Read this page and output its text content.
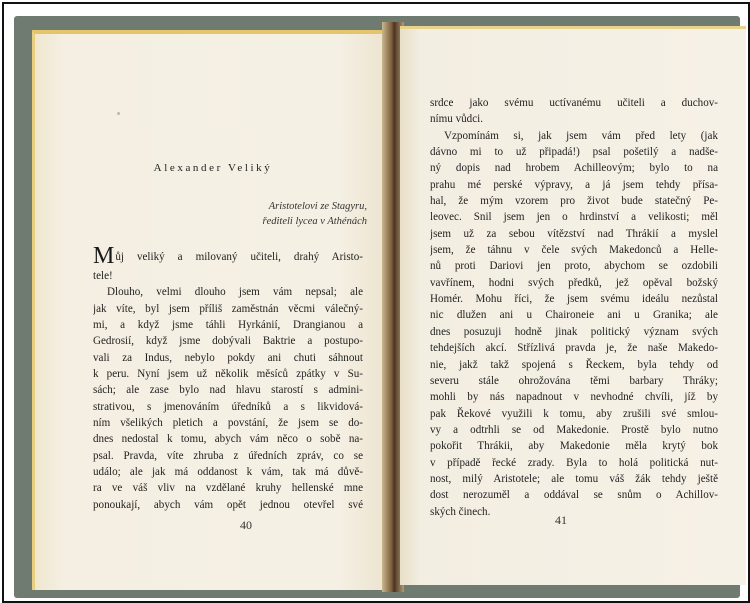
Alexander Veliký
Aristotelovi ze Stagyru,
řediteli lycea v Athénách
Můj veliký a milovaný učiteli, drahý Aristo-
tele!
Dlouho, velmi dlouho jsem vám nepsal; ale
jak víte, byl jsem příliš zaměstnán věcmi válečný-
mi, a když jsme táhli Hyrkánií, Drangianou a
Gedrosií, když jsme dobývali Baktrie a postupo-
vali za Indus, nebylo pokdy ani chuti sáhnout
k peru. Nyní jsem už několik měsíců zpátky v Su-
sách; ale zase bylo nad hlavu starostí s admini-
strativou, s jmenováním úředníků a s likvidová-
ním všelikých pletich a povstání, že jsem se do-
dnes nedostal k tomu, abych vám něco o sobě na-
psal. Pravda, víte zhruba z úředních zpráv, co se
událo; ale jak má oddanost k vám, tak má důvě-
ra ve váš vliv na vzdělané kruhy hellenské mne
ponoukají, abych vám opět jednou otevřel své
40
srdce jako svému uctívanému učiteli a duchov-
nímu vůdci.
Vzpomínám si, jak jsem vám před lety (jak
dávno mi to už připadá!) psal pošetilý a nadše-
ný dopis nad hrobem Achilleovým; bylo to na
prahu mé perské výpravy, a já jsem tehdy přísa-
hal, že mým vzorem pro život bude statečný Pe-
leovec. Snil jsem jen o hrdinství a velikosti; měl
jsem už za sebou vítězství nad Thrákií a myslel
jsem, že táhnu v čele svých Makedonců a Helle-
nů proti Dariovi jen proto, abychom se ozdobili
vavřínem, hodni svých předků, jež opěval božský
Homér. Mohu říci, že jsem svému ideálu nezůstal
nic dlužen ani u Chaironeie ani u Granika; ale
dnes posuzuji hodně jinak politický význam svých
tehdejších akcí. Střízlivá pravda je, že naše Makedo-
nie, jakž takž spojená s Řeckem, byla tehdy od
severu stále ohrožována těmi barbary Thráky;
mohli by nás napadnout v nevhodné chvíli, jíž by
pak Řekové využili k tomu, aby zrušili své smlou-
vy a odtrhli se od Makedonie. Prostě bylo nutno
pokořit Thrákii, aby Makedonie měla krytý bok
v případě řecké zrady. Byla to holá politická nut-
nost, milý Aristotele; ale tomu váš žák tehdy ještě
dost nerozuměl a oddával se snům o Achillov-
ských činech.
41
